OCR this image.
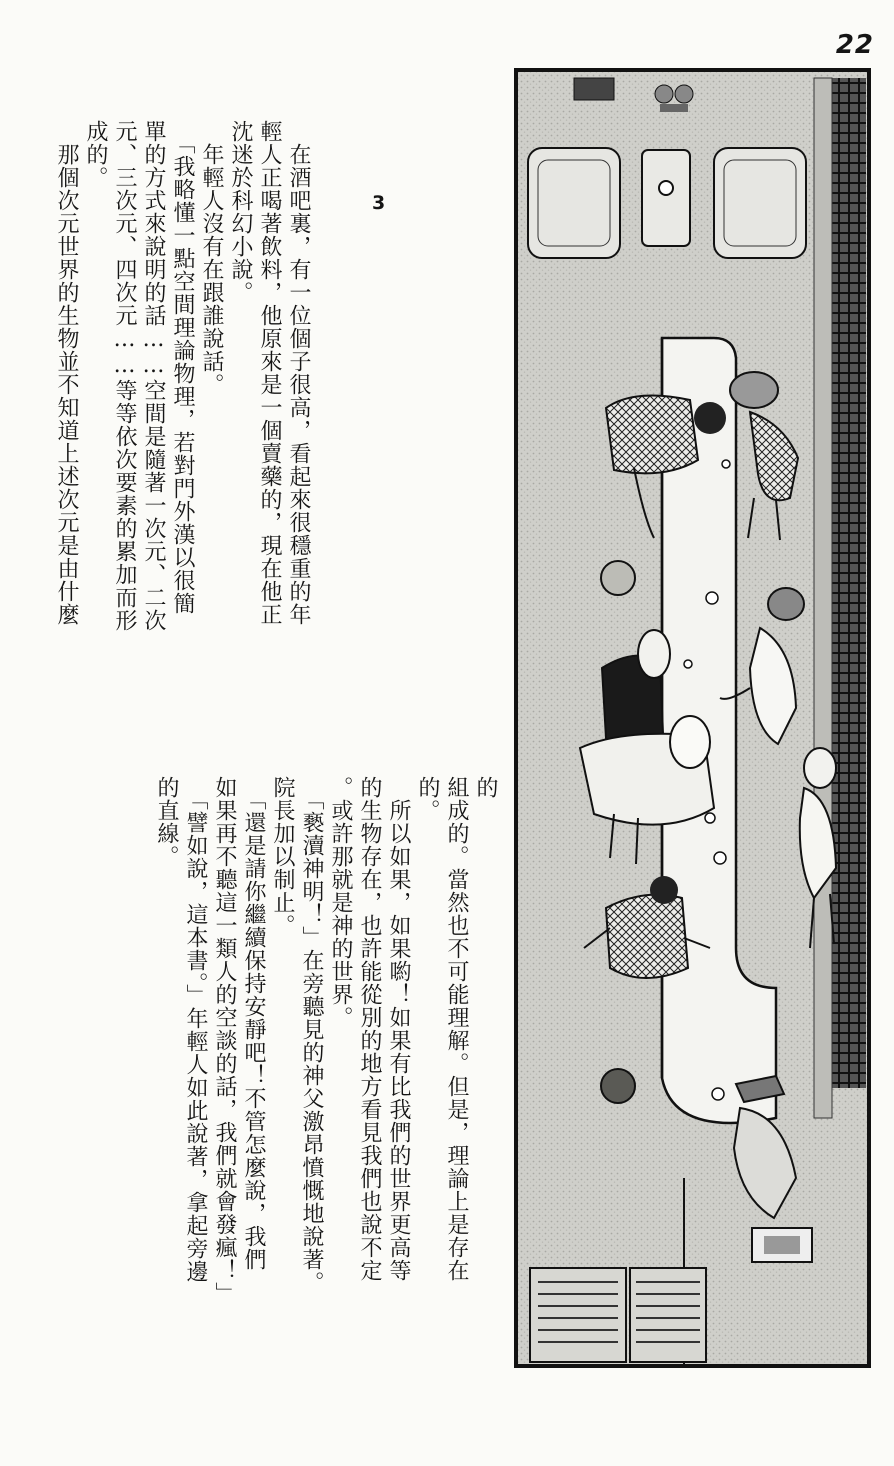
22
3

　在酒吧裏，有一位個子很高，看起來很穩重的年

輕人正喝著飲料，他原來是一個賣藥的，現在他正

沈迷於科幻小說。

　年輕人沒有在跟誰說話。

　「我略懂一點空間理論物理，若對門外漢以很簡

單的方式來說明的話……空間是隨著一次元、二次

元、三次元、四次元……等等依次要素的累加而形

成的。

　那個次元世界的生物並不知道上述次元是由什麼

的

組成的。當然也不可能理解。但是，理論上是存在

的。

　所以如果，如果喲！如果有比我們的世界更高等

的生物存在，也許能從別的地方看見我們也說不定

。或許那就是神的世界。

　「褻瀆神明！」在旁聽見的神父激昂憤慨地說著。

院長加以制止。

　「還是請你繼續保持安靜吧！不管怎麼說，我們

如果再不聽這一類人的空談的話，我們就會發瘋！」

　「譬如說，這本書。」年輕人如此說著，拿起旁邊

的直線。
